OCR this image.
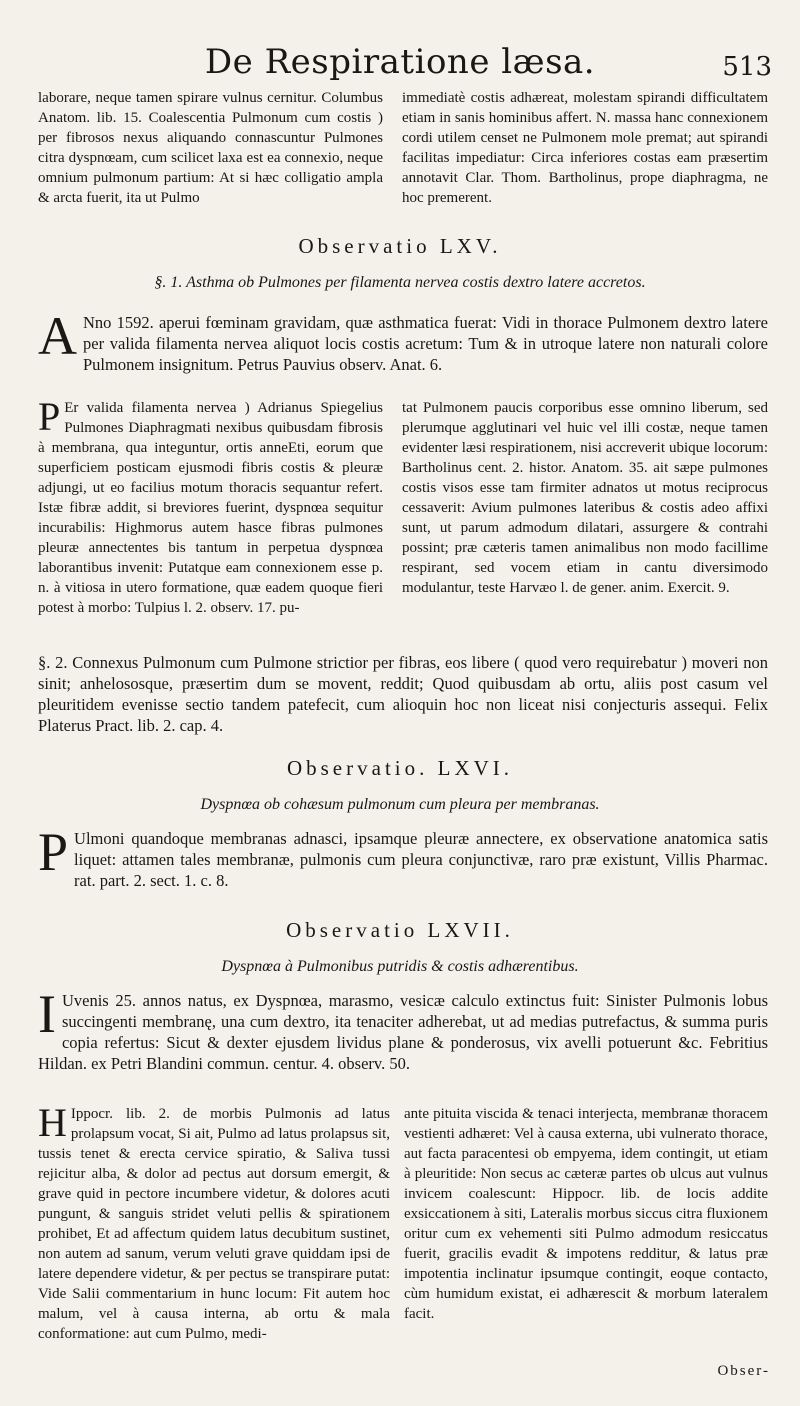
De Respiratione læsa.	513

laborare, neque tamen spirare vulnus cernitur. Columbus Anatom. lib. 15. Coalescentia Pulmonum cum costis ) per fibrosos nexus aliquando connascuntur Pulmones citra dyspnœam, cum scilicet laxa est ea connexio, neque omnium pulmonum partium: At si hæc colligatio ampla & arcta fuerit, ita ut Pulmo

immediatè costis adhæreat, molestam spirandi difficultatem etiam in sanis hominibus affert. N. massa hanc connexionem cordi utilem censet ne Pulmonem mole premat; aut spirandi facilitas impediatur: Circa inferiores costas eam præsertim annotavit Clar. Thom. Bartholinus, prope diaphragma, ne hoc premerent.

Observatio LXV.
§. 1. Asthma ob Pulmones per filamenta nervea costis dextro latere accretos.
A Nno 1592. aperui fœminam gravidam, quæ asthmatica fuerat: Vidi in thorace Pulmonem dextro latere per valida filamenta nervea aliquot locis costis acretum: Tum & in utroque latere non naturali colore Pulmonem insignitum. Petrus Pauvius observ. Anat. 6.

P Er valida filamenta nervea ) Adrianus Spiegelius Pulmones Diaphragmati nexibus quibusdam fibrosis à membrana, qua integuntur, ortis anneEti, eorum que superficiem posticam ejusmodi fibris costis & pleuræ adjungi, ut eo facilius motum thoracis sequantur refert. Istæ fibræ addit, si breviores fuerint, dyspnœa sequitur incurabilis: Highmorus autem hasce fibras pulmones pleuræ annectentes bis tantum in perpetua dyspnœa laborantibus invenit: Putatque eam connexionem esse p. n. à vitiosa in utero formatione, quæ eadem quoque fieri potest à morbo: Tulpius l. 2. observ. 17. pu-

tat Pulmonem paucis corporibus esse omnino liberum, sed plerumque agglutinari vel huic vel illi costæ, neque tamen evidenter læsi respirationem, nisi accreverit ubique locorum: Bartholinus cent. 2. histor. Anatom. 35. ait sæpe pulmones costis visos esse tam firmiter adnatos ut motus reciprocus cessaverit: Avium pulmones lateribus & costis adeo affixi sunt, ut parum admodum dilatari, assurgere & contrahi possint; præ cæteris tamen animalibus non modo facillime respirant, sed vocem etiam in cantu diversimodo modulantur, teste Harvæo l. de gener. anim. Exercit. 9.

§. 2. Connexus Pulmonum cum Pulmone strictior per fibras, eos libere ( quod vero requirebatur ) moveri non sinit; anhelososque, præsertim dum se movent, reddit; Quod quibusdam ab ortu, aliis post casum vel pleuritidem evenisse sectio tandem patefecit, cum alioquin hoc non liceat nisi conjecturis assequi. Felix Platerus Pract. lib. 2. cap. 4.

Observatio. LXVI.
Dyspnœa ob cohæsum pulmonum cum pleura per membranas.
P Ulmoni quandoque membranas adnasci, ipsamque pleuræ annectere, ex observatione anatomica satis liquet: attamen tales membranæ, pulmonis cum pleura conjunctivæ, raro præ existunt, Villis Pharmac. rat. part. 2. sect. 1. c. 8.

Observatio LXVII.
Dyspnœa à Pulmonibus putridis & costis adhærentibus.
I Uvenis 25. annos natus, ex Dyspnœa, marasmo, vesicæ calculo extinctus fuit: Sinister Pulmonis lobus succingenti membranę, una cum dextro, ita tenaciter adherebat, ut ad medias putrefactus, & summa puris copia refertus: Sicut & dexter ejusdem lividus plane & ponderosus, vix avelli potuerunt &c. Febritius Hildan. ex Petri Blandini commun. centur. 4. observ. 50.

H Ippocr. lib. 2. de morbis Pulmonis ad latus prolapsum vocat, Si ait, Pulmo ad latus prolapsus sit, tussis tenet & erecta cervice spiratio, & Saliva tussi rejicitur alba, & dolor ad pectus aut dorsum emergit, & grave quid in pectore incumbere videtur, & dolores acuti pungunt, & sanguis stridet veluti pellis & spirationem prohibet, Et ad affectum quidem latus decubitum sustinet, non autem ad sanum, verum veluti grave quiddam ipsi de latere dependere videtur, & per pectus se transpirare putat: Vide Salii commentarium in hunc locum: Fit autem hoc malum, vel à causa interna, ab ortu & mala conformatione: aut cum Pulmo, medi-

ante pituita viscida & tenaci interjecta, membranæ thoracem vestienti adhæret: Vel à causa externa, ubi vulnerato thorace, aut facta paracentesi ob empyema, idem contingit, ut etiam à pleuritide: Non secus ac cæteræ partes ob ulcus aut vulnus invicem coalescunt: Hippocr. lib. de locis addite exsiccationem à siti, Lateralis morbus siccus citra fluxionem oritur cum ex vehementi siti Pulmo admodum resiccatus fuerit, gracilis evadit & impotens redditur, & latus præ impotentia inclinatur ipsumque contingit, eoque contacto, cùm humidum existat, ei adhærescit & morbum lateralem facit.

Obser-
